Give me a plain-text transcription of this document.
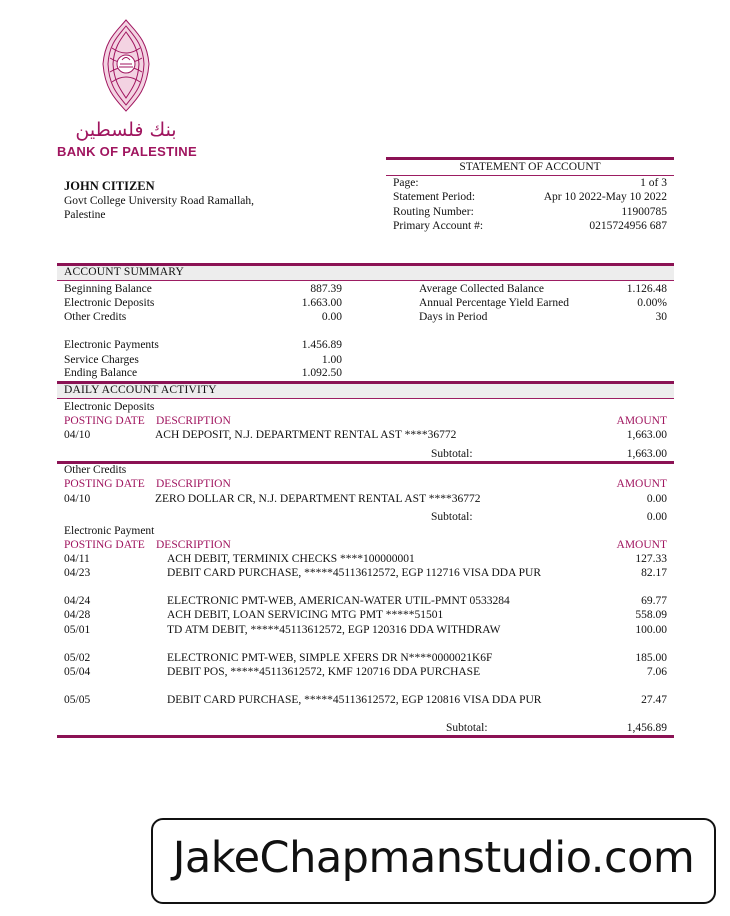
بنك فلسطين
BANK OF PALESTINE
STATEMENT OF ACCOUNT
Page:	1 of 3
Statement Period:	Apr 10 2022-May 10 2022
Routing Number:	11900785
Primary Account #:	0215724956 687
JOHN CITIZEN
Govt College University Road Ramallah,
Palestine
ACCOUNT SUMMARY
Beginning Balance	887.39
Electronic Deposits	1.663.00
Other Credits	0.00
Electronic Payments	1.456.89
Service Charges	1.00
Ending Balance	1.092.50
Average Collected Balance	1.126.48
Annual Percentage Yield Earned	0.00%
Days in Period	30
DAILY ACCOUNT ACTIVITY
Electronic Deposits
POSTING DATE DESCRIPTION	AMOUNT
04/10	ACH DEPOSIT, N.J. DEPARTMENT RENTAL AST ****36772	1,663.00
Subtotal:	1,663.00
Other Credits
POSTING DATE DESCRIPTION	AMOUNT
04/10	ZERO DOLLAR CR, N.J. DEPARTMENT RENTAL AST ****36772	0.00
Subtotal:	0.00
Electronic Payment
POSTING DATE DESCRIPTION	AMOUNT
04/11	ACH DEBIT, TERMINIX CHECKS ****100000001	127.33
04/23	DEBIT CARD PURCHASE, *****45113612572, EGP 112716 VISA DDA PUR	82.17
04/24	ELECTRONIC PMT-WEB, AMERICAN-WATER UTIL-PMNT 0533284	69.77
04/28	ACH DEBIT, LOAN SERVICING MTG PMT *****51501	558.09
05/01	TD ATM DEBIT, *****45113612572, EGP 120316 DDA WITHDRAW	100.00
05/02	ELECTRONIC PMT-WEB, SIMPLE XFERS DR N****0000021K6F	185.00
05/04	DEBIT POS, *****45113612572, KMF 120716 DDA PURCHASE	7.06
05/05	DEBIT CARD PURCHASE, *****45113612572, EGP 120816 VISA DDA PUR	27.47
Subtotal:	1,456.89
JakeChapmanstudio.com
